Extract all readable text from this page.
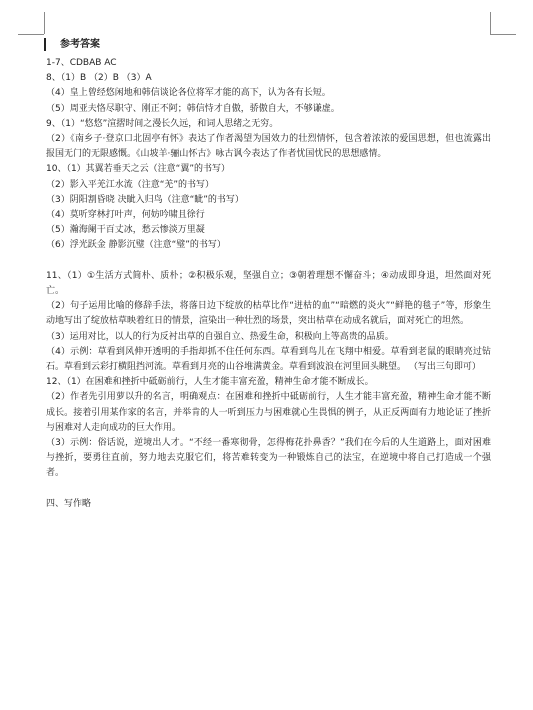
参考答案
1-7、CDBAB AC
8、（1）B （2）B （3）A
（4）皇上曾经悠闲地和韩信谈论各位将军才能的高下，认为各有长短。
（5）周亚夫恪尽职守、刚正不阿；韩信恃才自傲，骄傲自大，不够谦虚。
9、（1）“悠悠”渲摺时间之漫长久远，和词人思绪之无穷。
（2）《南乡子·登京口北固亭有怀》表达了作者渴望为国效力的壮烈情怀，包含着浓浓的爱国思想，但也流露出报国无门的无限感慨。《山坡羊·骊山怀古》咏古讽今表达了作者忧国忧民的思想感情。
10、（1）其翼若垂天之云（注意“翼”的书写）
（2）影入平羌江水流（注意“羌”的书写）
（3）阴阳割昏晓 决眦入归鸟（注意“眦”的书写）
（4）莫听穿林打叶声，何妨吟啸且徐行
（5）瀚海阑干百丈冰，愁云惨淡万里凝
（6）浮光跃金 静影沉璧（注意“璧”的书写）
11、（1）①生活方式简朴、质朴；②积极乐观，坚强自立；③朝着理想不懈奋斗；④动成即身退，坦然面对死亡。
（2）句子运用比喻的修辞手法，将落日边下绽放的枯草比作“迸枯的血”“暗燃的炎火”“鲜艳的毯子”等，形象生动地写出了绽放枯草映着红日的情景，渲染出一种壮烈的场景，突出枯草在动成名就后，面对死亡的坦然。
（3）运用对比，以人的行为反衬出草的自强自立、热爱生命，积极向上等高贵的品质。
（4）示例：草看到风伸开透明的手指却抓不住任何东西。草看到鸟儿在飞翔中相爱。草看到老鼠的眼睛亮过钻石。草看到云彩打横阻挡河流。草看到月亮的山谷堆满黄金。草看到波浪在河里回头眺望。 （写出三句即可）
12、（1）在困难和挫折中砥砺前行，人生才能丰富充盈，精神生命才能不断成长。
（2）作者先引用萝以升的名言，明确观点：在困难和挫折中砥砺前行，人生才能丰富充盈，精神生命才能不断成长。接着引用某作家的名言，并举肯的人一听到压力与困难就心生畏惧的例子，从正反两面有力地论证了挫折与困难对人走向成功的巨大作用。
（3）示例：俗话说，逆境出人才。“不经一番寒彻骨，怎得梅花扑鼻香？”我们在今后的人生道路上，面对困难与挫折，要勇往直前，努力地去克服它们，将苦难转变为一种锻炼自己的法宝，在逆境中将自己打造成一个强者。
四、写作略
